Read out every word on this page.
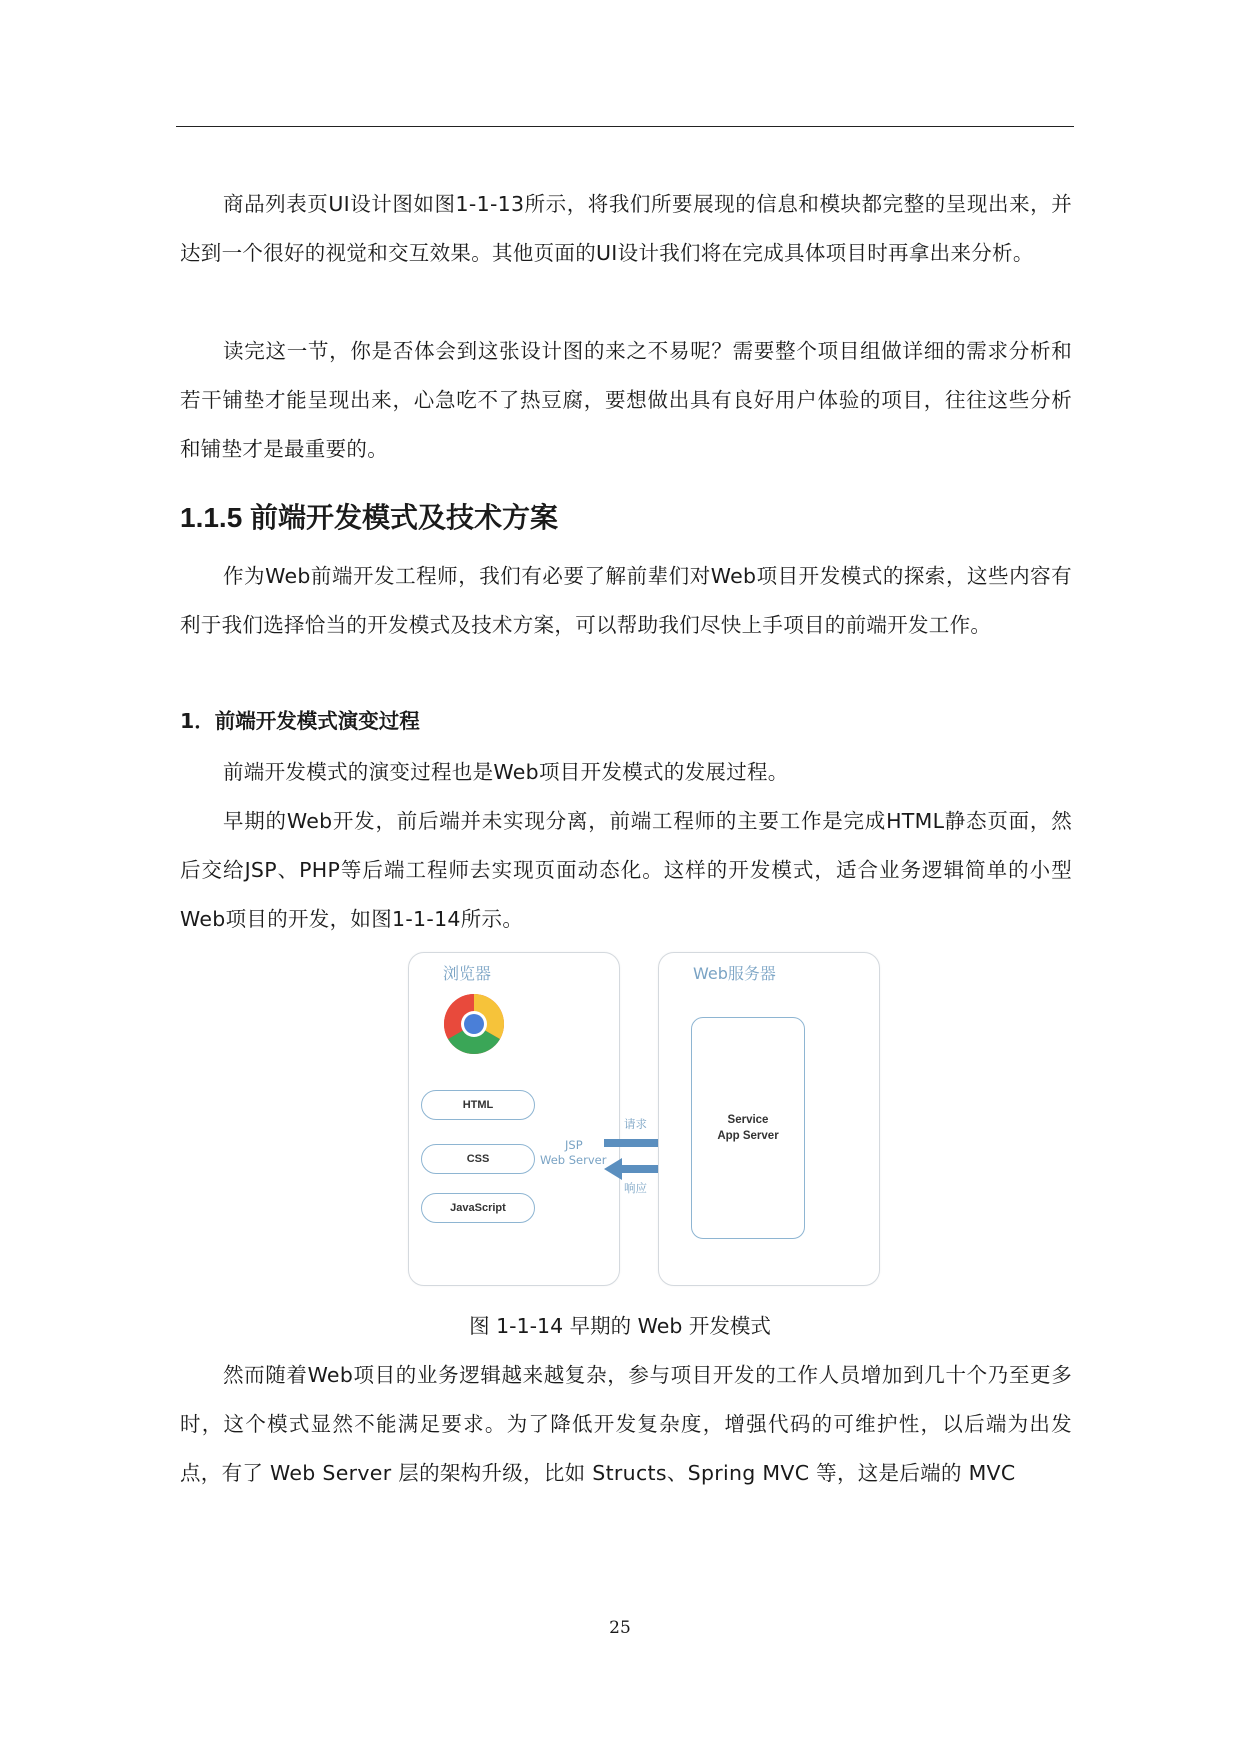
商品列表页UI设计图如图1-1-13所示，将我们所要展现的信息和模块都完整的呈现出来，并达到一个很好的视觉和交互效果。其他页面的UI设计我们将在完成具体项目时再拿出来分析。

读完这一节，你是否体会到这张设计图的来之不易呢？需要整个项目组做详细的需求分析和若干铺垫才能呈现出来，心急吃不了热豆腐，要想做出具有良好用户体验的项目，往往这些分析和铺垫才是最重要的。

1.1.5 前端开发模式及技术方案

作为Web前端开发工程师，我们有必要了解前辈们对Web项目开发模式的探索，这些内容有利于我们选择恰当的开发模式及技术方案，可以帮助我们尽快上手项目的前端开发工作。

1．前端开发模式演变过程

前端开发模式的演变过程也是Web项目开发模式的发展过程。

早期的Web开发，前后端并未实现分离，前端工程师的主要工作是完成HTML静态页面，然后交给JSP、PHP等后端工程师去实现页面动态化。这样的开发模式，适合业务逻辑简单的小型Web项目的开发，如图1-1-14所示。

浏览器
HTML
CSS
JavaScript
JSP
Web Server
请求
响应
Web服务器
Service
App Server
图 1-1-14 早期的 Web 开发模式

然而随着Web项目的业务逻辑越来越复杂，参与项目开发的工作人员增加到几十个乃至更多时，这个模式显然不能满足要求。为了降低开发复杂度，增强代码的可维护性，以后端为出发点，有了 Web Server 层的架构升级，比如 Structs、Spring MVC 等，这是后端的 MVC

25
